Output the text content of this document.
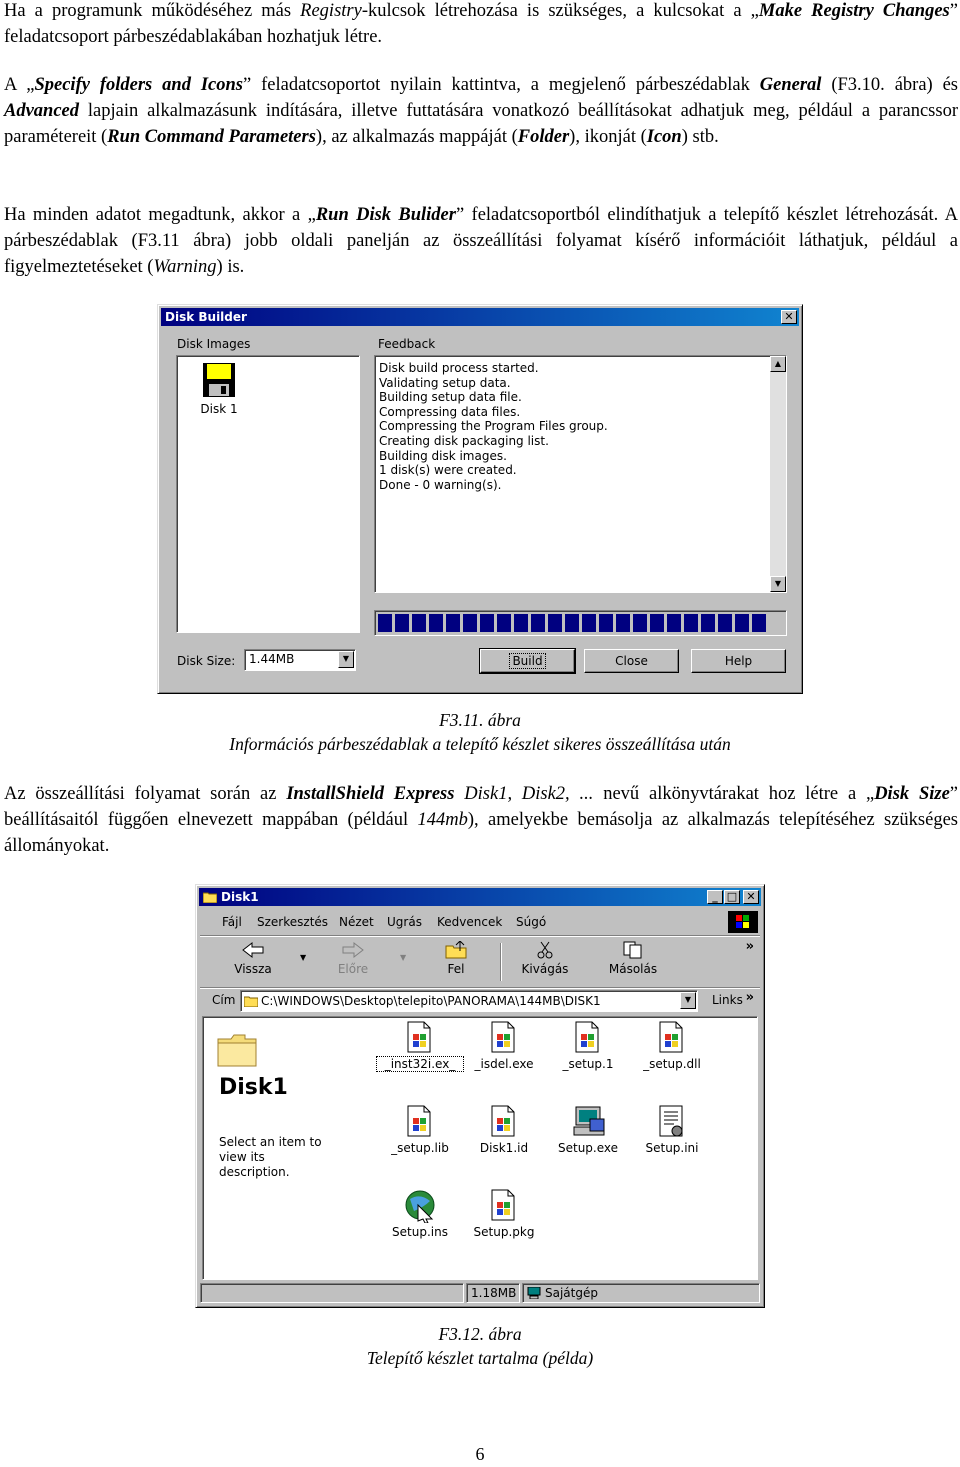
Ha a programunk működéséhez más Registry-kulcsok létrehozása is szükséges, a kulcsokat a „Make Registry Changes” feladatcsoport párbeszédablakában hozhatjuk létre.
A „Specify folders and Icons” feladatcsoportot nyilain kattintva, a megjelenő párbeszédablak General (F3.10. ábra) és Advanced lapjain alkalmazásunk indítására, illetve futtatására vonatkozó beállításokat adhatjuk meg, például a parancssor paramétereit (Run Command Parameters), az alkalmazás mappáját (Folder), ikonját (Icon) stb.
Ha minden adatot megadtunk, akkor a „Run Disk Bulider” feladatcsoportból elindíthatjuk a telepítő készlet létrehozását. A párbeszédablak (F3.11 ábra) jobb oldali panelján az összeállítási folyamat kísérő információit láthatjuk, például a figyelmeztetéseket (Warning) is.
Disk Builder	✕
Disk Images
Disk 1
Feedback
Disk build process started.
Validating setup data.
Building setup data file.
Compressing data files.
Compressing the Program Files group.
Creating disk packaging list.
Building disk images.
1 disk(s) were created.
Done - 0 warning(s).
▲
▼
Disk Size: 1.44MB	▼	Build	Close	Help
F3.11. ábra
Információs párbeszédablak a telepítő készlet sikeres összeállítása után
Az összeállítási folyamat során az InstallShield Express Disk1, Disk2, ... nevű alkönyvtárakat hoz létre a „Disk Size” beállításaitól függően elnevezett mappában (például 144mb), amelyekbe bemásolja az alkalmazás telepítéséhez szükséges állományokat.
Disk1	_ □ ✕
Fájl Szerkesztés Nézet Ugrás Kedvencek Súgó
Vissza
▼
Előre
▼
Fel	Kivágás	Másolás
»
Cím C:\WINDOWS\Desktop\telepito\PANORAMA\144MB\DISK1	▼	Links »
Disk1
Select an item to view its description.
_inst32i.ex_	_isdel.exe	_setup.1	_setup.dll
_setup.lib	Disk1.id	Setup.exe	Setup.ini
Setup.ins	Setup.pkg
1.18MB Sajátgép
F3.12. ábra
Telepítő készlet tartalma (példa)
6
